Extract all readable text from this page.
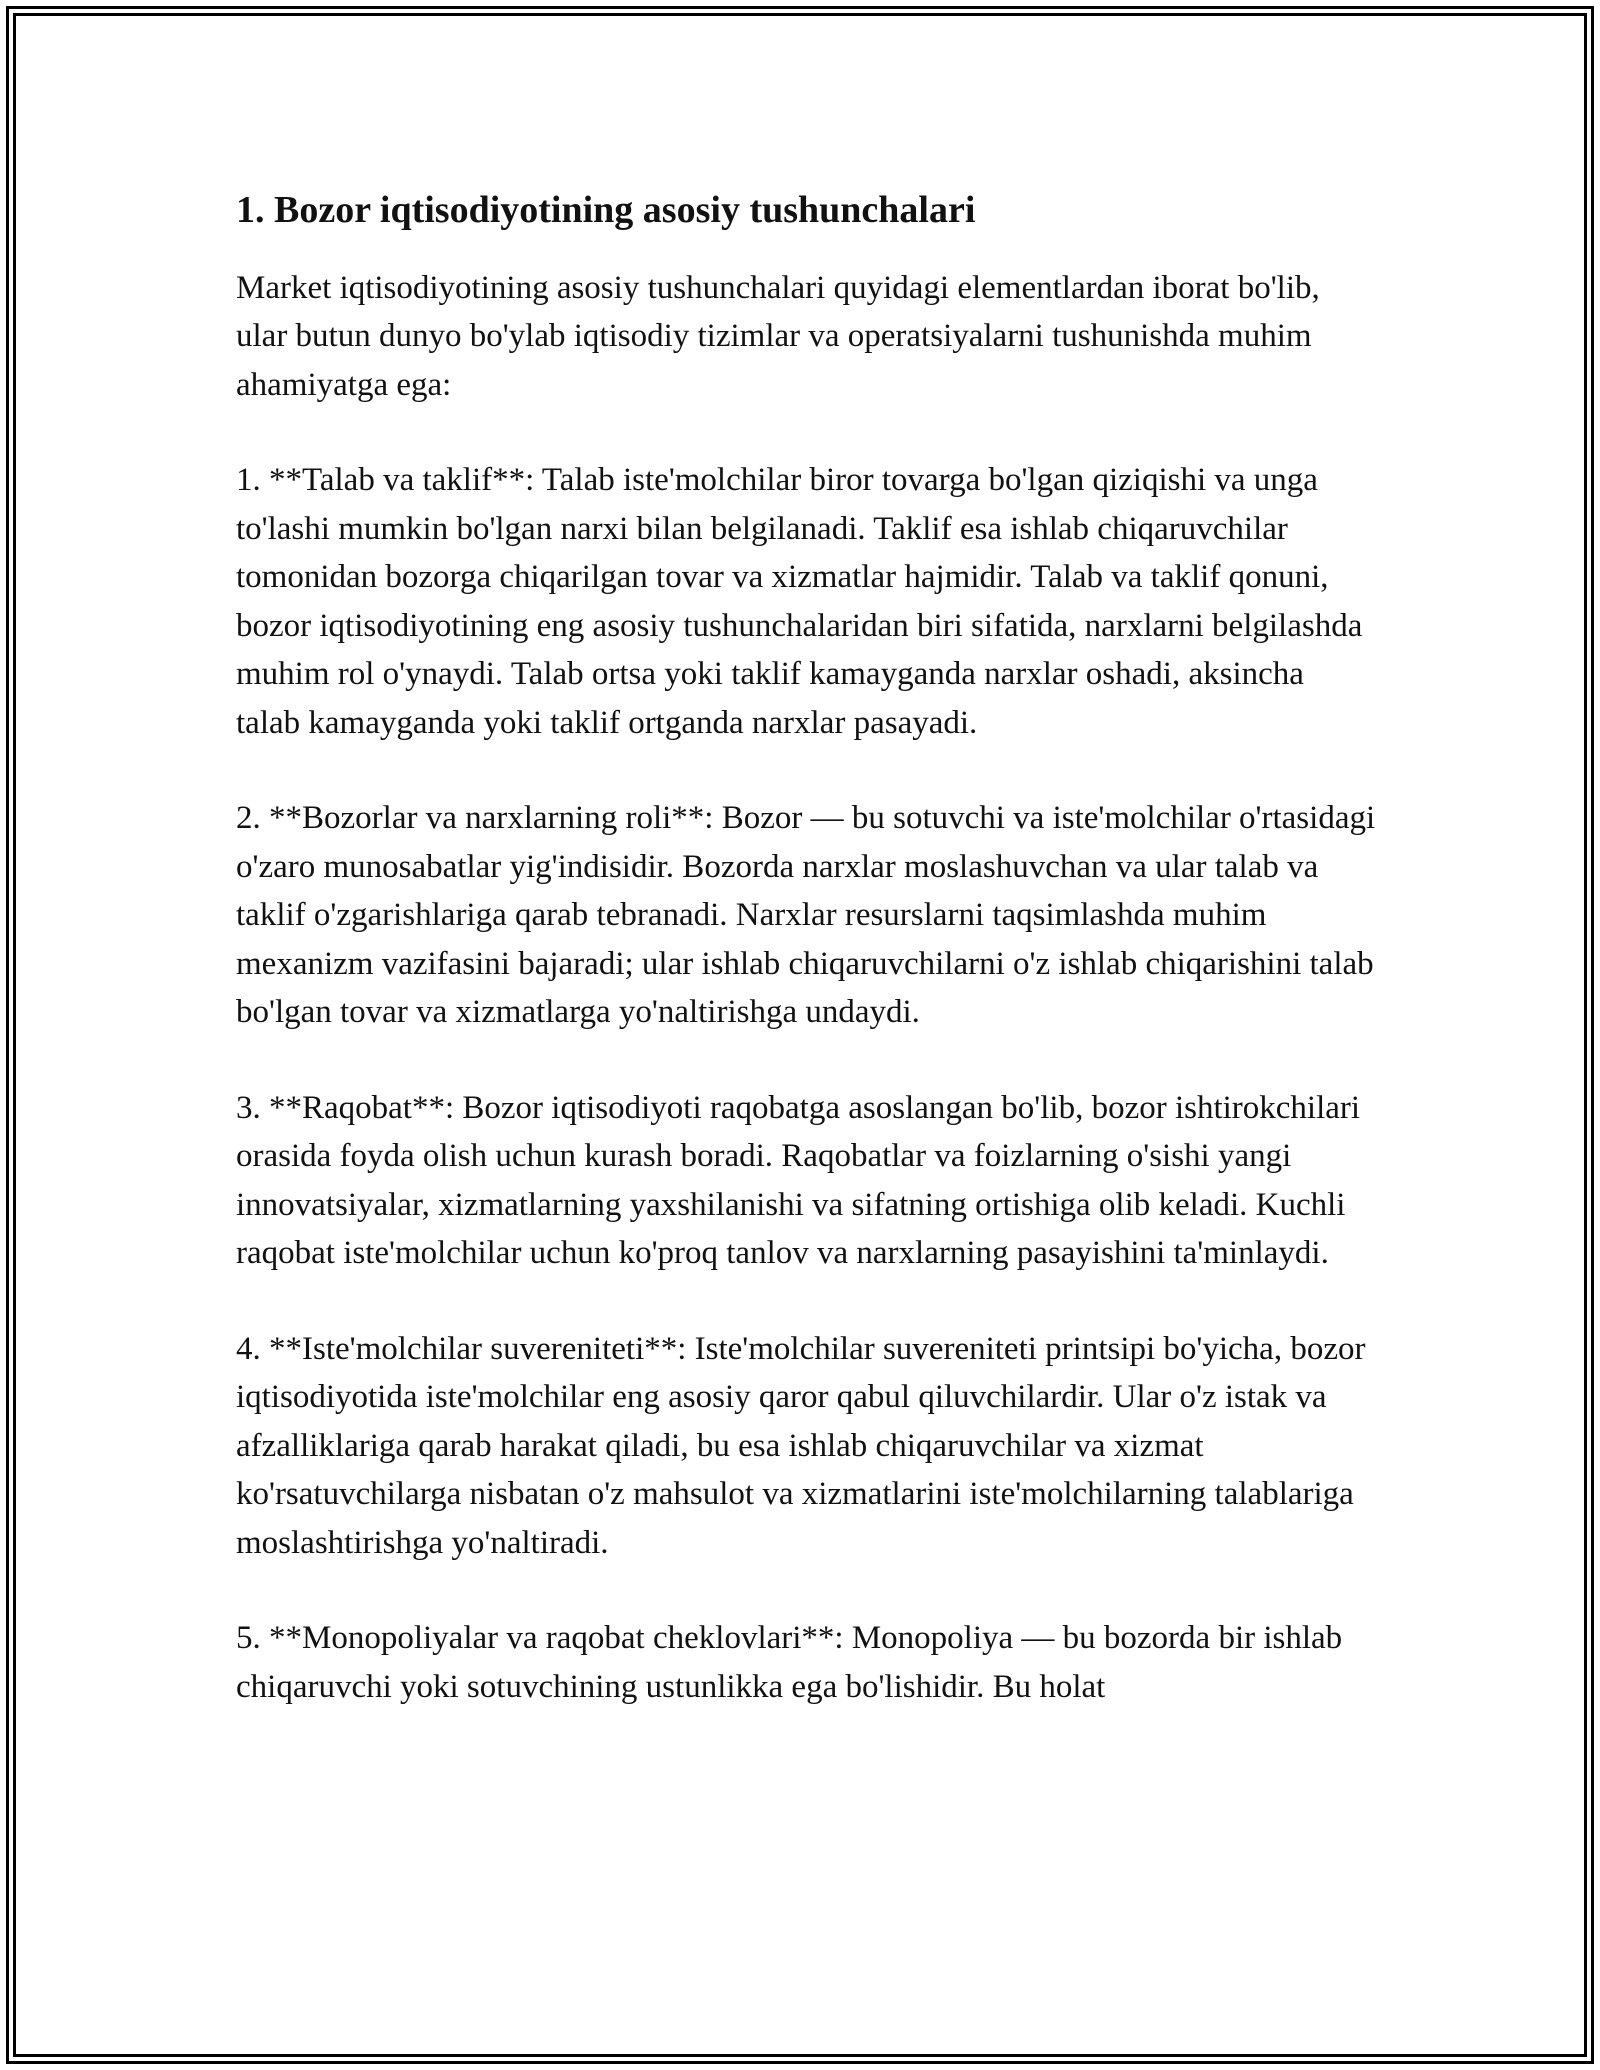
1. Bozor iqtisodiyotining asosiy tushunchalari

Market iqtisodiyotining asosiy tushunchalari quyidagi elementlardan iborat bo'lib, ular butun dunyo bo'ylab iqtisodiy tizimlar va operatsiyalarni tushunishda muhim ahamiyatga ega:

1. **Talab va taklif**: Talab iste'molchilar biror tovarga bo'lgan qiziqishi va unga to'lashi mumkin bo'lgan narxi bilan belgilanadi. Taklif esa ishlab chiqaruvchilar tomonidan bozorga chiqarilgan tovar va xizmatlar hajmidir. Talab va taklif qonuni, bozor iqtisodiyotining eng asosiy tushunchalaridan biri sifatida, narxlarni belgilashda muhim rol o'ynaydi. Talab ortsa yoki taklif kamayganda narxlar oshadi, aksincha talab kamayganda yoki taklif ortganda narxlar pasayadi.

2. **Bozorlar va narxlarning roli**: Bozor — bu sotuvchi va iste'molchilar o'rtasidagi o'zaro munosabatlar yig'indisidir. Bozorda narxlar moslashuvchan va ular talab va taklif o'zgarishlariga qarab tebranadi. Narxlar resurslarni taqsimlashda muhim mexanizm vazifasini bajaradi; ular ishlab chiqaruvchilarni o'z ishlab chiqarishini talab bo'lgan tovar va xizmatlarga yo'naltirishga undaydi.

3. **Raqobat**: Bozor iqtisodiyoti raqobatga asoslangan bo'lib, bozor ishtirokchilari orasida foyda olish uchun kurash boradi. Raqobatlar va foizlarning o'sishi yangi innovatsiyalar, xizmatlarning yaxshilanishi va sifatning ortishiga olib keladi. Kuchli raqobat iste'molchilar uchun ko'proq tanlov va narxlarning pasayishini ta'minlaydi.

4. **Iste'molchilar suvereniteti**: Iste'molchilar suvereniteti printsipi bo'yicha, bozor iqtisodiyotida iste'molchilar eng asosiy qaror qabul qiluvchilardir. Ular o'z istak va afzalliklariga qarab harakat qiladi, bu esa ishlab chiqaruvchilar va xizmat ko'rsatuvchilarga nisbatan o'z mahsulot va xizmatlarini iste'molchilarning talablariga moslashtirishga yo'naltiradi.

5. **Monopoliyalar va raqobat cheklovlari**: Monopoliya — bu bozorda bir ishlab chiqaruvchi yoki sotuvchining ustunlikka ega bo'lishidir. Bu holat
